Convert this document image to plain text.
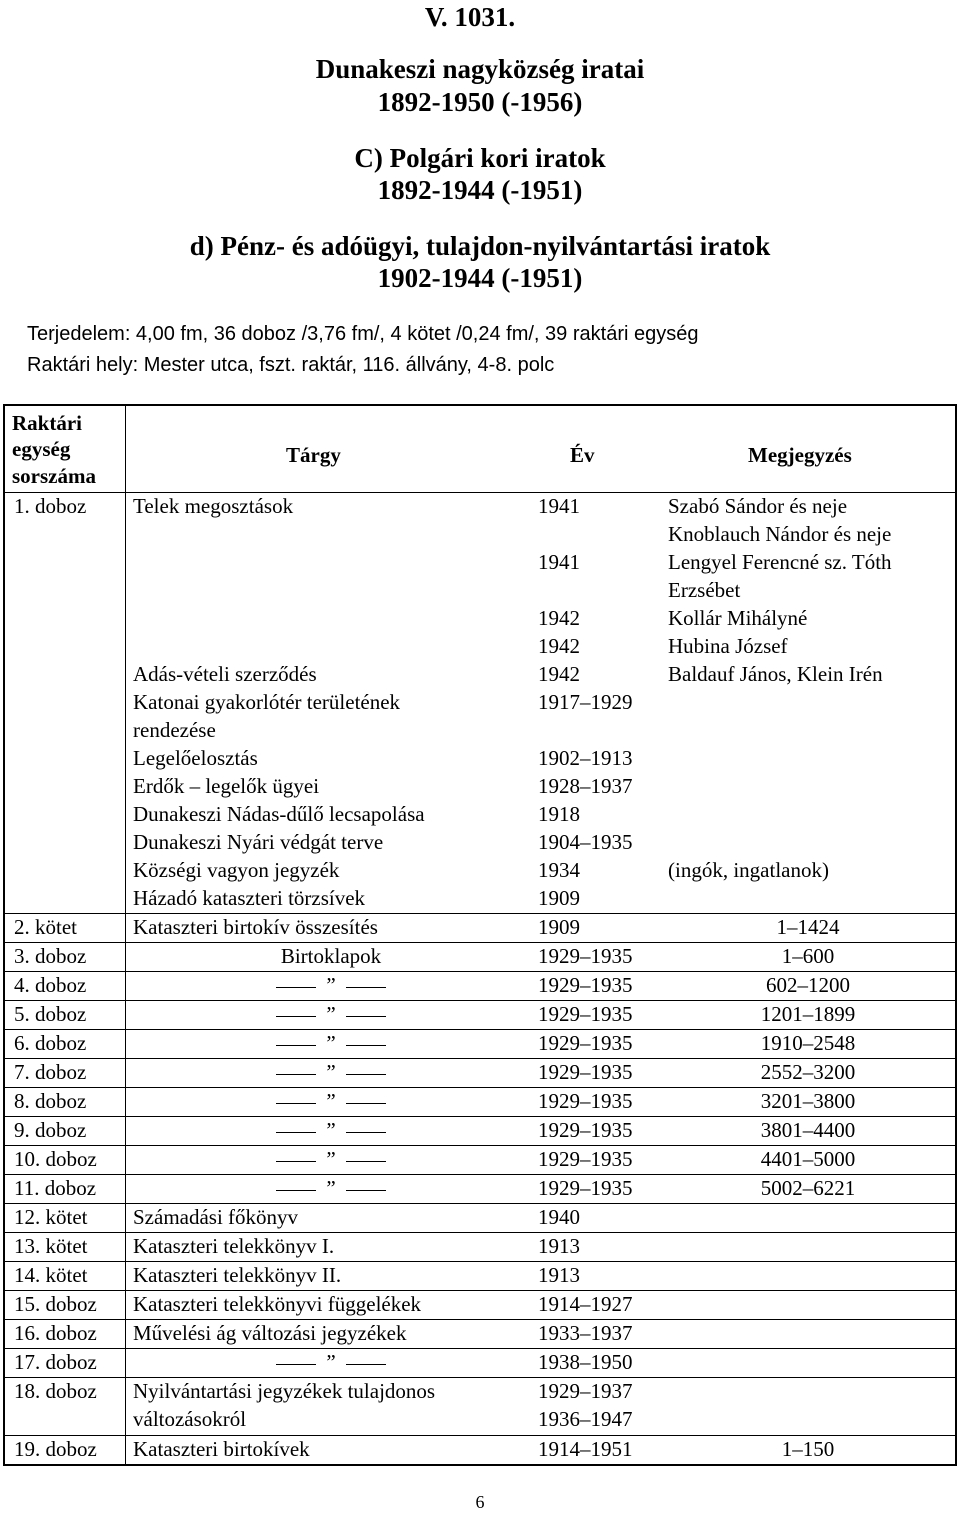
V. 1031.
Dunakeszi nagyközség iratai
1892-1950 (-1956)
C) Polgári kori iratok
1892-1944 (-1951)
d) Pénz- és adóügyi, tulajdon-nyilvántartási iratok
1902-1944 (-1951)
Terjedelem: 4,00 fm, 36 doboz /3,76 fm/, 4 kötet /0,24 fm/, 39 raktári egység
Raktári hely: Mester utca, fszt. raktár, 116. állvány, 4-8. polc
Raktári
egység
sorszáma
Tárgy	Év	Megjegyzés
1. doboz Telek megosztások	1941	Szabó Sándor és neje
Knoblauch Nándor és neje
1941	Lengyel Ferencné sz. Tóth
Erzsébet
1942	Kollár Mihályné
1942	Hubina József
Adás-vételi szerződés	1942	Baldauf János, Klein Irén
Katonai gyakorlótér területének	1917–1929
rendezése
Legelőelosztás	1902–1913
Erdők – legelők ügyei	1928–1937
Dunakeszi Nádas-dűlő lecsapolása	1918
Dunakeszi Nyári védgát terve	1904–1935
Községi vagyon jegyzék	1934	(ingók, ingatlanok)
Házadó kataszteri törzsívek	1909
2. kötet	Kataszteri birtokív összesítés	1909	1–1424
3. doboz	Birtoklapok	1929–1935	1–600
4. doboz	”	1929–1935	602–1200
5. doboz	”	1929–1935	1201–1899
6. doboz	”	1929–1935	1910–2548
7. doboz	”	1929–1935	2552–3200
8. doboz	”	1929–1935	3201–3800
9. doboz	”	1929–1935	3801–4400
10. doboz	”	1929–1935	4401–5000
11. doboz	”	1929–1935	5002–6221
12. kötet Számadási főkönyv	1940
13. kötet Kataszteri telekkönyv I.	1913
14. kötet Kataszteri telekkönyv II.	1913
15. doboz Kataszteri telekkönyvi függelékek	1914–1927
16. doboz Művelési ág változási jegyzékek	1933–1937
17. doboz	”	1938–1950
18. doboz Nyilvántartási jegyzékek tulajdonos	1929–1937
változásokról	1936–1947
19. doboz Kataszteri birtokívek	1914–1951	1–150
6
